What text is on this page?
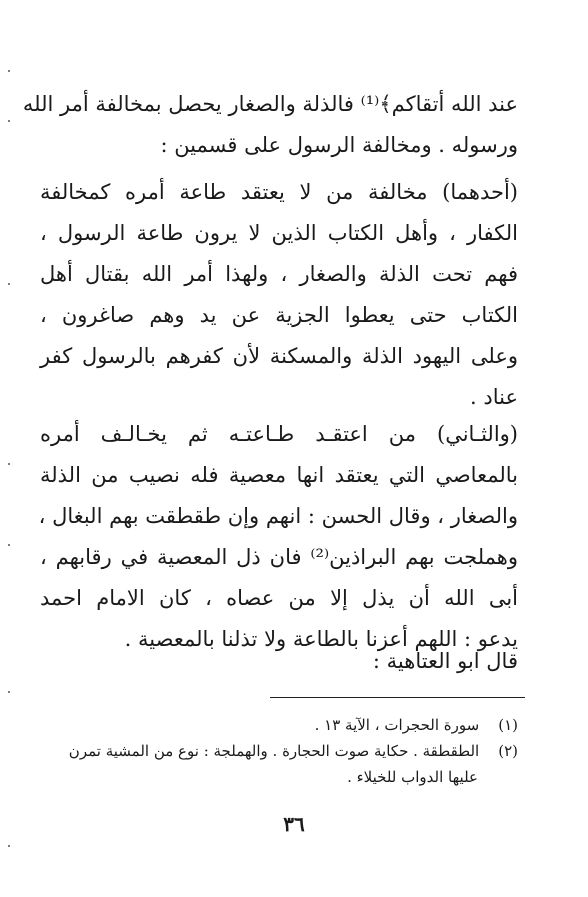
عند الله أتقاكم﴾⁽¹⁾ فالذلة والصغار يحصل بمخالفة أمر الله
ورسوله . ومخالفة الرسول على قسمين :
(أحدهما) مخالفة من لا يعتقد طاعة أمره كمخالفة
الكفار ، وأهل الكتاب الذين لا يرون طاعة الرسول ،
فهم تحت الذلة والصغار ، ولهذا أمر الله بقتال أهل
الكتاب حتى يعطوا الجزية عن يد وهم صاغرون ،
وعلى اليهود الذلة والمسكنة لأن كفرهم بالرسول كفر
عناد .
(والثـاني) من اعتقـد طـاعتـه ثم يخـالـف أمره
بالمعاصي التي يعتقد انها معصية فله نصيب من الذلة
والصغار ، وقال الحسن : انهم وإن طقطقت بهم البغال ،
وهملجت بهم البراذين⁽²⁾ فان ذل المعصية في رقابهم ،
أبى الله أن يذل إلا من عصاه ، كان الامام احمد
يدعو : اللهم أعزنا بالطاعة ولا تذلنا بالمعصية .
قال ابو العتاهية :
(١) سورة الحجرات ، الآية ١٣ .
(٢) الطقطقة . حكاية صوت الحجارة . والهملجة : نوع من المشية تمرن
عليها الدواب للخيلاء .
٣٦
